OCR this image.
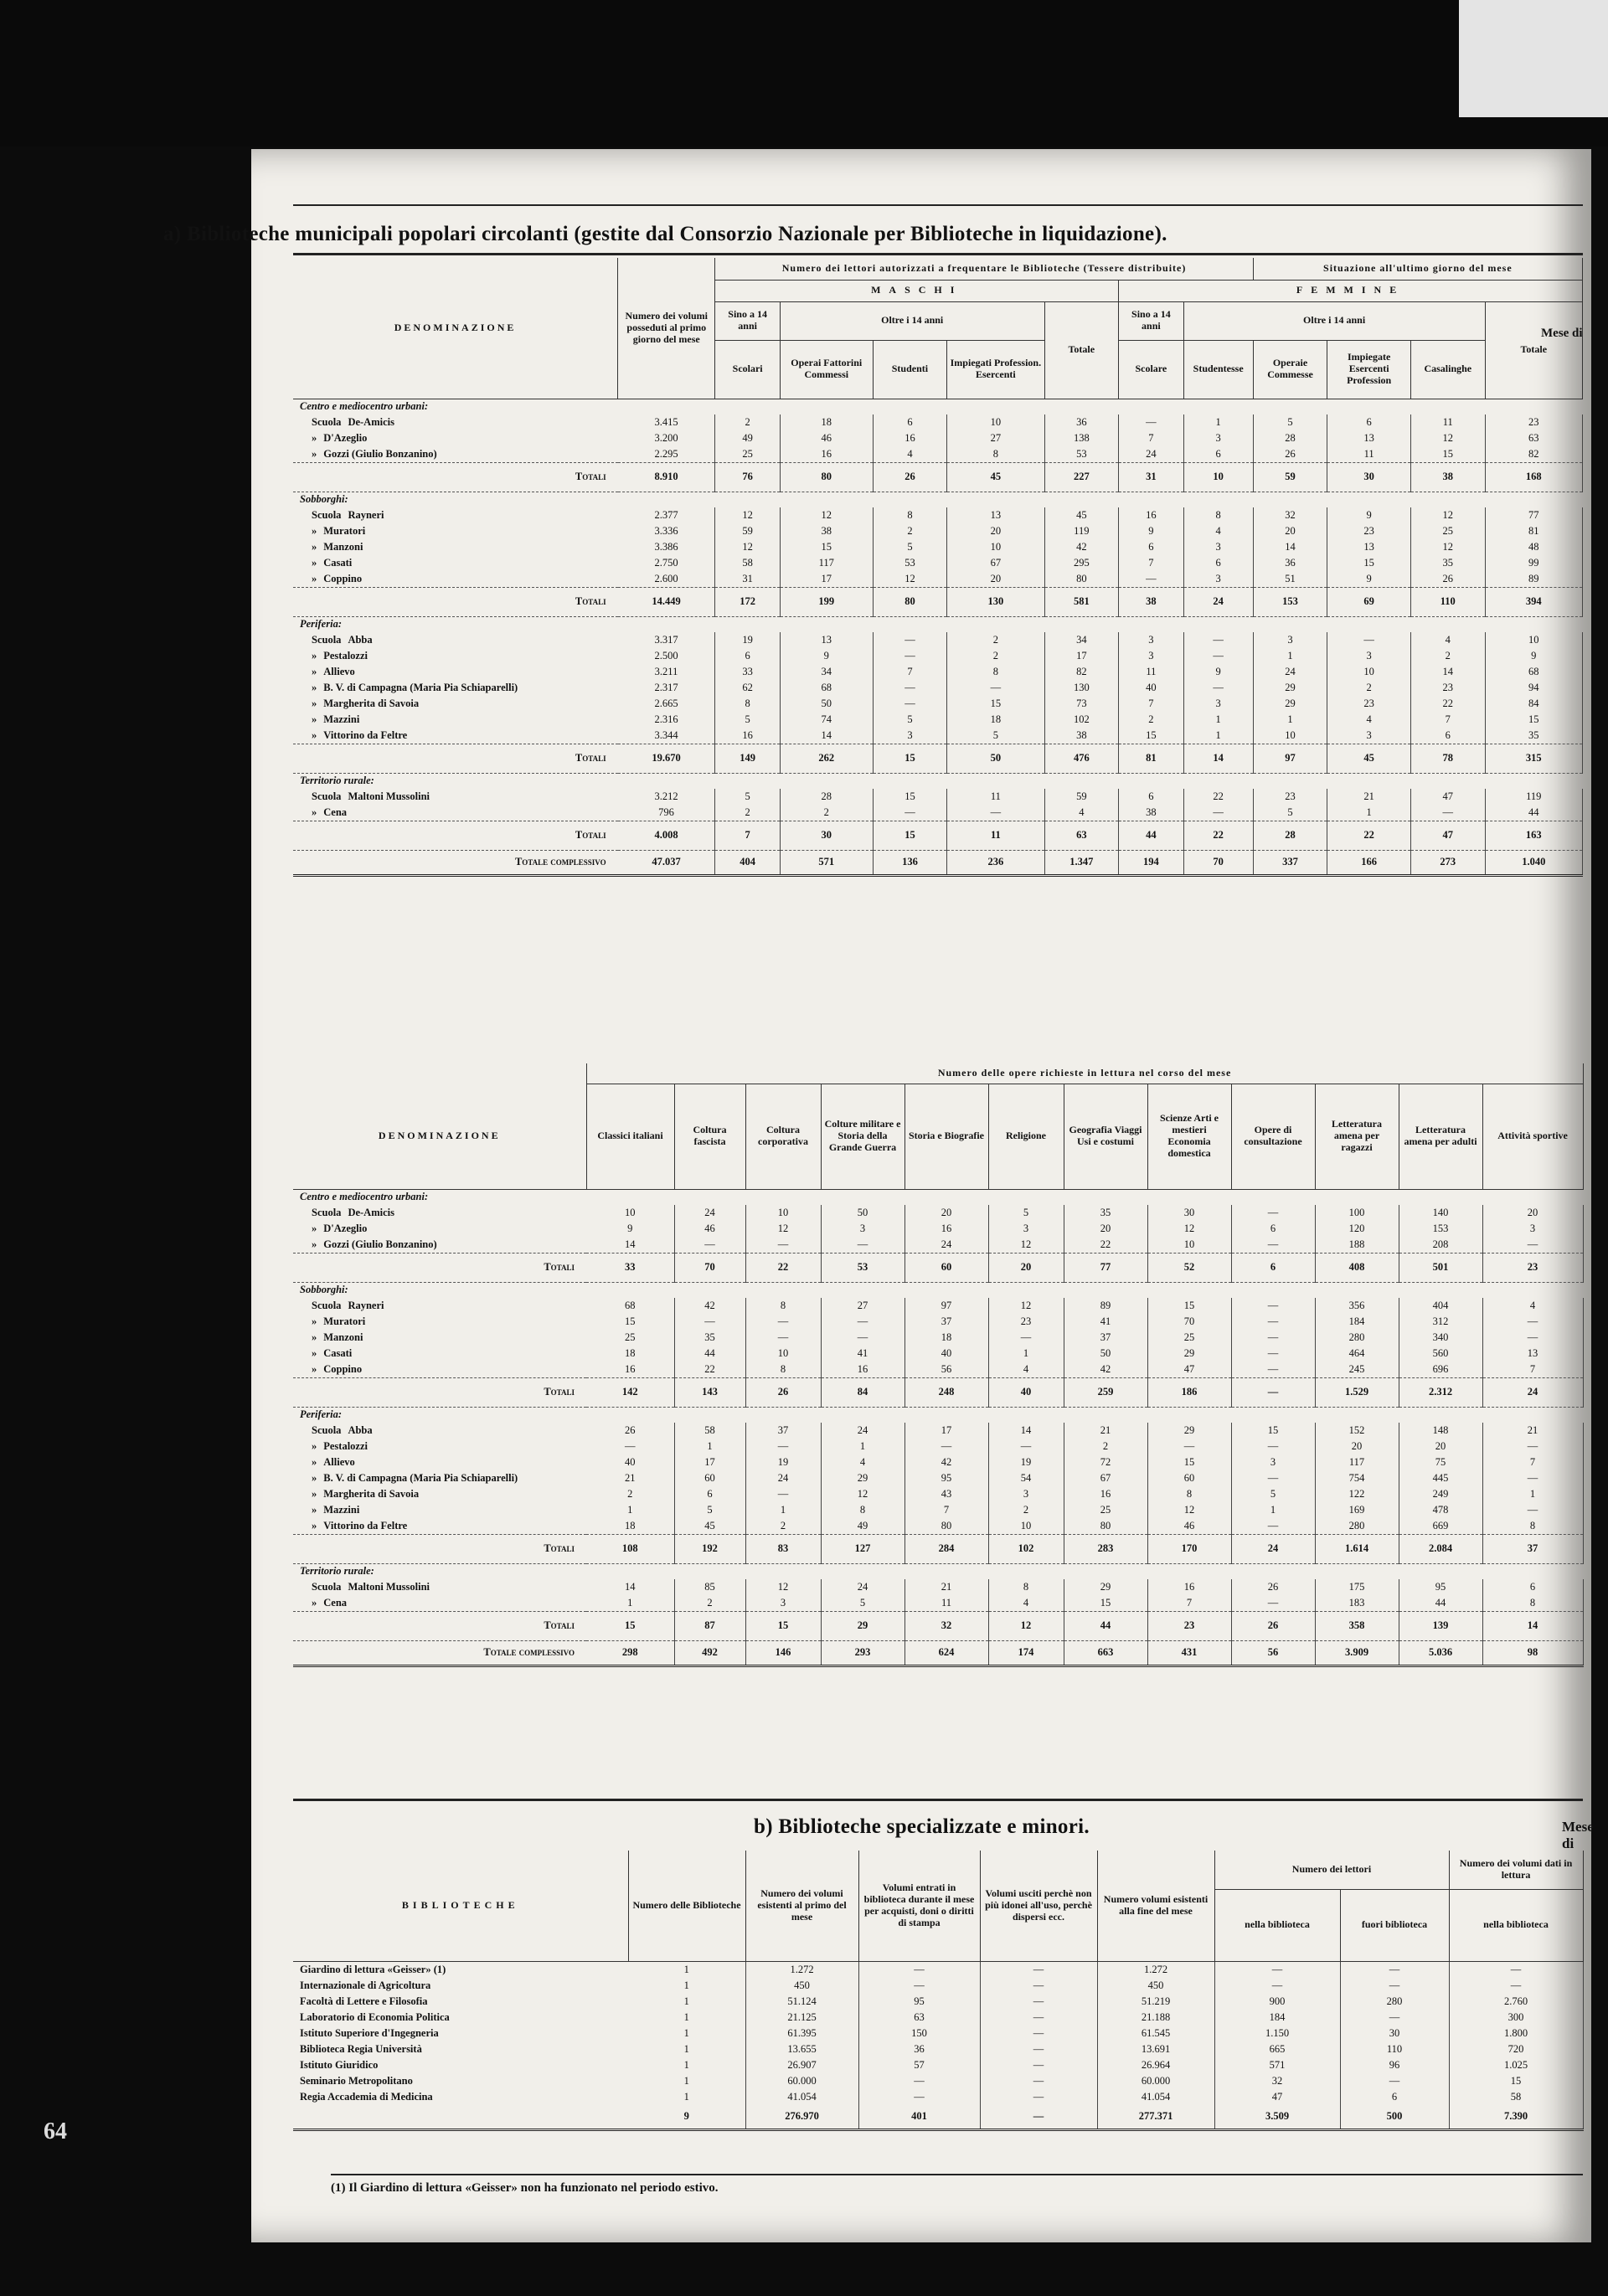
Mese di
a) Biblioteche municipali popolari circolanti (gestite dal Consorzio Nazionale per Biblioteche in liquidazione).
DENOMINAZIONE	Numero dei volumi posseduti al primo giorno del mese	Numero dei lettori autorizzati a frequentare le Biblioteche (Tessere distribuite)							Situazione all'ultimo giorno del mese			
		MASCHI					FEMMINE					
		Sino a 14 anni	Oltre i 14 anni			Totale	Sino a 14 anni	Oltre i 14 anni				Totale
		Scolari	Operai Fattorini Commessi	Studenti	Impiegati Profession. Esercenti		Scolare	Studentesse	Operaie Commesse	Impiegate Esercenti Profession	Casalinghe	
Centro e mediocentro urbani:												
Scuola De-Amicis	3.415	2	18	6	10	36	—	1	5	6	11	23
» D'Azeglio	3.200	49	46	16	27	138	7	3	28	13	12	63
» Gozzi (Giulio Bonzanino)	2.295	25	16	4	8	53	24	6	26	11	15	82
Totali	8.910	76	80	26	45	227	31	10	59	30	38	168
Sobborghi:												
Scuola Rayneri	2.377	12	12	8	13	45	16	8	32	9	12	77
» Muratori	3.336	59	38	2	20	119	9	4	20	23	25	81
» Manzoni	3.386	12	15	5	10	42	6	3	14	13	12	48
» Casati	2.750	58	117	53	67	295	7	6	36	15	35	99
» Coppino	2.600	31	17	12	20	80	—	3	51	9	26	89
Totali	14.449	172	199	80	130	581	38	24	153	69	110	394
Periferia:												
Scuola Abba	3.317	19	13	—	2	34	3	—	3	—	4	10
» Pestalozzi	2.500	6	9	—	2	17	3	—	1	3	2	9
» Allievo	3.211	33	34	7	8	82	11	9	24	10	14	68
» B. V. di Campagna (Maria Pia Schiaparelli)	2.317	62	68	—	—	130	40	—	29	2	23	94
» Margherita di Savoia	2.665	8	50	—	15	73	7	3	29	23	22	84
» Mazzini	2.316	5	74	5	18	102	2	1	1	4	7	15
» Vittorino da Feltre	3.344	16	14	3	5	38	15	1	10	3	6	35
Totali	19.670	149	262	15	50	476	81	14	97	45	78	315
Territorio rurale:												
Scuola Maltoni Mussolini	3.212	5	28	15	11	59	6	22	23	21	47	119
» Cena	796	2	2	—	—	4	38	—	5	1	—	44
Totali	4.008	7	30	15	11	63	44	22	28	22	47	163
Totale complessivo	47.037	404	571	136	236	1.347	194	70	337	166	273	1.040
	Numero delle opere richieste in lettura nel corso del mese											
DENOMINAZIONE	Classici italiani	Coltura fascista	Coltura corporativa	Colture militare e Storia della Grande Guerra	Storia e Biografie	Religione	Geografia Viaggi Usi e costumi	Scienze Arti e mestieri Economia domestica	Opere di consultazione	Letteratura amena per ragazzi	Letteratura amena per adulti	Attività sportive
Centro e mediocentro urbani:												
Scuola De-Amicis	10	24	10	50	20	5	35	30	—	100	140	20
» D'Azeglio	9	46	12	3	16	3	20	12	6	120	153	3
» Gozzi (Giulio Bonzanino)	14	—	—	—	24	12	22	10	—	188	208	—
Totali	33	70	22	53	60	20	77	52	6	408	501	23
Sobborghi:												
Scuola Rayneri	68	42	8	27	97	12	89	15	—	356	404	4
» Muratori	15	—	—	—	37	23	41	70	—	184	312	—
» Manzoni	25	35	—	—	18	—	37	25	—	280	340	—
» Casati	18	44	10	41	40	1	50	29	—	464	560	13
» Coppino	16	22	8	16	56	4	42	47	—	245	696	7
Totali	142	143	26	84	248	40	259	186	—	1.529	2.312	24
Periferia:												
Scuola Abba	26	58	37	24	17	14	21	29	15	152	148	21
» Pestalozzi	—	1	—	1	—	—	2	—	—	20	20	—
» Allievo	40	17	19	4	42	19	72	15	3	117	75	7
» B. V. di Campagna (Maria Pia Schiaparelli)	21	60	24	29	95	54	67	60	—	754	445	—
» Margherita di Savoia	2	6	—	12	43	3	16	8	5	122	249	1
» Mazzini	1	5	1	8	7	2	25	12	1	169	478	—
» Vittorino da Feltre	18	45	2	49	80	10	80	46	—	280	669	8
Totali	108	192	83	127	284	102	283	170	24	1.614	2.084	37
Territorio rurale:												
Scuola Maltoni Mussolini	14	85	12	24	21	8	29	16	26	175	95	6
» Cena	1	2	3	5	11	4	15	7	—	183	44	8
Totali	15	87	15	29	32	12	44	23	26	358	139	14
Totale complessivo	298	492	146	293	624	174	663	431	56	3.909	5.036	98
b) Biblioteche specializzate e minori.	Mese di
BIBLIOTECHE	Numero delle Biblioteche	Numero dei volumi esistenti al primo del mese	Volumi entrati in biblioteca durante il mese per acquisti, doni o diritti di stampa	Volumi usciti perchè non più idonei all'uso, perchè dispersi ecc.	Numero volumi esistenti alla fine del mese	Numero dei lettori		Numero dei volumi dati in lettura
						nella biblioteca	fuori biblioteca	nella biblioteca
Giardino di lettura «Geisser» (1)	1	1.272	—	—	1.272	—	—	—
Internazionale di Agricoltura	1	450	—	—	450	—	—	—
Facoltà di Lettere e Filosofia	1	51.124	95	—	51.219	900	280	2.760
Laboratorio di Economia Politica	1	21.125	63	—	21.188	184	—	300
Istituto Superiore d'Ingegneria	1	61.395	150	—	61.545	1.150	30	1.800
Biblioteca Regia Università	1	13.655	36	—	13.691	665	110	720
Istituto Giuridico	1	26.907	57	—	26.964	571	96	1.025
Seminario Metropolitano	1	60.000	—	—	60.000	32	—	15
Regia Accademia di Medicina	1	41.054	—	—	41.054	47	6	58
	9	276.970	401	—	277.371	3.509	500	7.390
(1) Il Giardino di lettura «Geisser» non ha funzionato nel periodo estivo.
64
